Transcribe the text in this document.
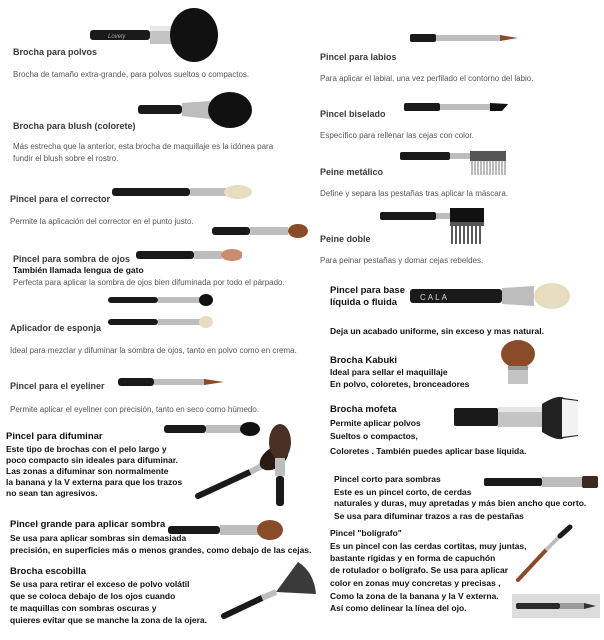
Lovely
Brocha para polvos
Brocha de tamaño extra-grande, para polvos sueltos o compactos.
Brocha para blush (colorete)
Más estrecha que la anterior, esta brocha de maquillaje es la idónea para
fundir el blush sobre el rostro.
Pincel para el corrector
Permite la aplicación del corrector en el punto justo.
Pincel para sombra de ojos
También llamada lengua de gato
Perfecta para aplicar la sombra de ojos bien difuminada por todo el párpado.
Aplicador de esponja
Ideal para mezclar y difuminar la sombra de ojos, tanto en polvo como en crema.
Pincel para el eyeliner
Permite aplicar el eyeliner con precisión, tanto en seco como húmedo.
Pincel para difuminar
Este tipo de brochas con el pelo largo y
poco compacto sin ideales para difuminar.
Las zonas a difuminar son normalmente
la banana y la V externa para que los trazos
no sean tan agresivos.
Pincel grande para aplicar sombra
Se usa para aplicar sombras sin demasiada
precisión, en superficies más o menos grandes, como debajo de las cejas.
Brocha escobilla
Se usa para retirar el exceso de polvo volátil
que se coloca debajo de los ojos cuando
te maquillas con sombras oscuras y
quieres evitar que se manche la zona de la ojera.
Pincel para labios
Para aplicar el labial, una vez perfilado el contorno del labio.
Pincel biselado
Específico para rellenar las cejas con color.
Peine metálico
Define y separa las pestañas tras aplicar la máscara.
Peine doble
Para peinar pestañas y domar cejas rebeldes.
CALA
Pincel para base líquida o fluida
Deja un acabado uniforme, sin exceso y mas natural.
Brocha Kabuki
Ideal para sellar el maquillaje
En polvo, coloretes, bronceadores
Brocha mofeta
Permite aplicar polvos
Sueltos o compactos,
Coloretes . También puedes aplicar base líquida.
Pincel corto para sombras
Este es un pincel corto, de cerdas
naturales y duras, muy apretadas y más bien ancho que corto.
Se usa para difuminar trazos a ras de pestañas
Pincel "bolígrafo"
Es un pincel con las cerdas cortitas, muy juntas,
bastante rígidas y en forma de capuchón
de rotulador o bolígrafo. Se usa para aplicar
color en zonas muy concretas y precisas ,
Como la zona de la banana y la V externa.
Así como delinear la línea del ojo.
